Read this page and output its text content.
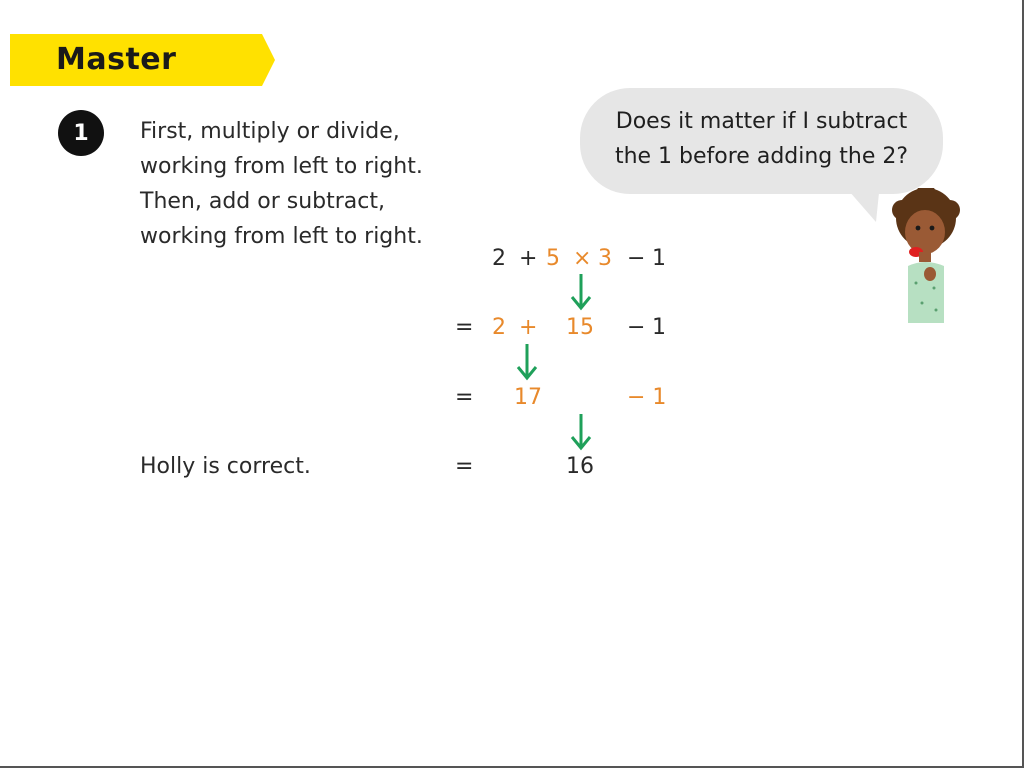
Master
1	First, multiply or divide,
working from left to right.
Then, add or subtract,
working from left to right.
Does it matter if I subtract
the 1 before adding the 2?
2 + 5 × 3 − 1
= 2 + 15 − 1
= 17	− 1
=	16
Holly is correct.
